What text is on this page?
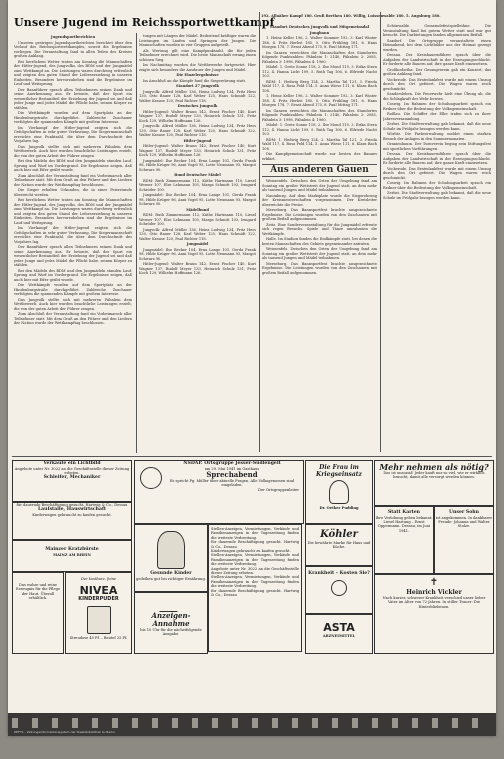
Unsere Jugend im Reichssportwettkampf
192. Allnäher Kampf 180. Gruß Berthen 180. Willig, Luissenwalde 180. 5. Augsburg 180.

Jugendsportberichten

Unseren gestrigen Jugendsportberichten berichtet über den Verlauf des Reichssportwettkampfes, soweit die Ergebnisse vorliegen. Die Veranstaltung fand in allen Teilen des Kreises großen Anklang.

Bei herrlichem Wetter traten am Sonntag die Mannschaften der Hitler-Jugend, des Jungvolks, des BDM und der Jungmädel zum Wettkampf an. Die Leistungen waren durchweg erfreulich und zeigten den guten Stand der Leibeserziehung in unseren Einheiten. Besonders hervorzuheben sind die Ergebnisse im Lauf und Weitsprung.

Der Bannführer sprach allen Teilnehmern seinen Dank und seine Anerkennung aus. Er betonte, daß der Sport ein wesentlicher Bestandteil der Erziehung der Jugend sei und daß jeder Junge und jedes Mädel die Pflicht habe, seinen Körper zu stählen.

Die Wettkämpfe wurden auf dem Sportplatz an der Hindenburgstraße durchgeführt. Zahlreiche Zuschauer verfolgten die spannenden Kämpfe mit großem Interesse.

Im Vierkampf der Hitler-Jugend zeigten sich die Gefolgschaften in sehr guter Verfassung. Die Siegermannschaft erreichte eine Punktzahl, die über dem Durchschnitt des Vorjahres lag.

Das Jungvolk stellte sich mit mehreren Fähnlein dem Wettbewerb. Auch hier wurden beachtliche Leistungen erzielt, die von der guten Arbeit der Führer zeugen.

Bei den Mädeln des BDM und den Jungmädeln standen Lauf, Sprung und Wurf im Vordergrund. Die Ergebnisse zeigen, daß auch hier mit Eifer geübt wurde.

Zum Abschluß der Veranstaltung fand ein Vorbeimarsch aller Teilnehmer statt. Mit dem Gruß an den Führer und den Liedern der Nation wurde der Wettkampftag beschlossen.

Die Sieger erhalten Urkunden, die in einer Feierstunde überreicht werden.

Bei herrlichem Wetter traten am Sonntag die Mannschaften der Hitler-Jugend, des Jungvolks, des BDM und der Jungmädel zum Wettkampf an. Die Leistungen waren durchweg erfreulich und zeigten den guten Stand der Leibeserziehung in unseren Einheiten. Besonders hervorzuheben sind die Ergebnisse im Lauf und Weitsprung.

Im Vierkampf der Hitler-Jugend zeigten sich die Gefolgschaften in sehr guter Verfassung. Die Siegermannschaft erreichte eine Punktzahl, die über dem Durchschnitt des Vorjahres lag.

Der Bannführer sprach allen Teilnehmern seinen Dank und seine Anerkennung aus. Er betonte, daß der Sport ein wesentlicher Bestandteil der Erziehung der Jugend sei und daß jeder Junge und jedes Mädel die Pflicht habe, seinen Körper zu stählen.

Bei den Mädeln des BDM und den Jungmädeln standen Lauf, Sprung und Wurf im Vordergrund. Die Ergebnisse zeigen, daß auch hier mit Eifer geübt wurde.

Die Wettkämpfe wurden auf dem Sportplatz an der Hindenburgstraße durchgeführt. Zahlreiche Zuschauer verfolgten die spannenden Kämpfe mit großem Interesse.

Das Jungvolk stellte sich mit mehreren Fähnlein dem Wettbewerb. Auch hier wurden beachtliche Leistungen erzielt, die von der guten Arbeit der Führer zeugen.

Zum Abschluß der Veranstaltung fand ein Vorbeimarsch aller Teilnehmer statt. Mit dem Gruß an den Führer und den Liedern der Nation wurde der Wettkampftag beschlossen.

tungen mit Längen der Mädel. Bedeutend kräftiger waren die Leistungen im Laufen und Springen der Jungen. Die Mannschaften wurden in vier Gruppen aufgeteilt.

Als Wertung gilt eine Kampfpunktzahl, die für jeden Teilnehmer errechnet wird. Die beste Mannschaft errang einen schönen Sieg.

Im Nachmittag wurden die Wettbewerbe fortgesetzt. Hier zeigte sich besonders die Ausdauer der Jungen und Mädel.

Die Einzelergebnisse

Im Anschluß an die Kämpfe fand die Siegerehrung statt.

Standort 27 Jungvolk

Jungvolk: Alfred Müller 136, Heinz Ludwig 134, Fritz Hess 130, Otto Bauer 128, Karl Weber 125, Hans Schmidt 122, Walter Krause 120, Paul Richter 118.

Deutsches Jungvolk

Hitler-Jugend: Walter Braun 142, Ernst Fischer 140, Kurt Wagner 137, Rudolf Meyer 133, Heinrich Schulz 131, Fritz Koch 129, Wilhelm Hoffmann 126.

Jungvolk: Alfred Müller 136, Heinz Ludwig 134, Fritz Hess 130, Otto Bauer 128, Karl Weber 125, Hans Schmidt 122, Walter Krause 120, Paul Richter 118.

Hitler-Jugend

Hitler-Jugend: Walter Braun 142, Ernst Fischer 140, Kurt Wagner 137, Rudolf Meyer 133, Heinrich Schulz 131, Fritz Koch 129, Wilhelm Hoffmann 126.

Jungmädel: Ilse Becker 104, Erna Lange 101, Gerda Frank 98, Hilde Krüger 96, Anni Vogel 95, Lotte Neumann 93, Margot Schwarz 90.

Bund Deutscher Mädel

BDM: Ruth Zimmermann 112, Käthe Hartmann 110, Liesel Werner 107, Else Lehmann 105, Marga Schmitt 103, Irmgard Schröder 100.

Jungmädel: Ilse Becker 104, Erna Lange 101, Gerda Frank 98, Hilde Krüger 96, Anni Vogel 95, Lotte Neumann 93, Margot Schwarz 90.

Mädelbund

BDM: Ruth Zimmermann 112, Käthe Hartmann 110, Liesel Werner 107, Else Lehmann 105, Marga Schmitt 103, Irmgard Schröder 100.

Jungvolk: Alfred Müller 136, Heinz Ludwig 134, Fritz Hess 130, Otto Bauer 128, Karl Weber 125, Hans Schmidt 122, Walter Krause 120, Paul Richter 118.

Jungmädel

Jungmädel: Ilse Becker 104, Erna Lange 101, Gerda Frank 98, Hilde Krüger 96, Anni Vogel 95, Lotte Neumann 93, Margot Schwarz 90.

Hitler-Jugend: Walter Braun 142, Ernst Fischer 140, Kurt Wagner 137, Rudolf Meyer 133, Heinrich Schulz 131, Fritz Koch 129, Wilhelm Hoffmann 126.

Standort Deutsches Jungvolk und Mitgemeinsdal

Jungbann

1. Heinz Keller 196, 2. Walter Sommer 192, 3. Karl Winter 188, 4. Fritz Herbst 185, 5. Otto Frühling 181, 6. Hans Morgen 178, 7. Ernst Abend 175, 8. Paul Mittag 171.

Im Ganzen erreichten die Mannschaften des Standortes folgende Punktzahlen: Fähnlein 1: 2140, Fähnlein 2: 2085, Fähnlein 3: 1998, Fähnlein 4: 1960.

Mädel: 1. Grete Sonne 118, 2. Ilse Mond 115, 3. Erika Stern 112, 4. Hanna Licht 109, 5. Ruth Tag 106, 6. Elfriede Nacht 103.

BDM: 1. Hedwig Berg 124, 2. Martha Tal 121, 3. Frieda Wald 117, 4. Rosa Feld 114, 5. Anna Wiese 111, 6. Klara Bach 108.

1. Heinz Keller 196, 2. Walter Sommer 192, 3. Karl Winter 188, 4. Fritz Herbst 185, 5. Otto Frühling 181, 6. Hans Morgen 178, 7. Ernst Abend 175, 8. Paul Mittag 171.

Im Ganzen erreichten die Mannschaften des Standortes folgende Punktzahlen: Fähnlein 1: 2140, Fähnlein 2: 2085, Fähnlein 3: 1998, Fähnlein 4: 1960.

Mädel: 1. Grete Sonne 118, 2. Ilse Mond 115, 3. Erika Stern 112, 4. Hanna Licht 109, 5. Ruth Tag 106, 6. Elfriede Nacht 103.

BDM: 1. Hedwig Berg 124, 2. Martha Tal 121, 3. Frieda Wald 117, 4. Rosa Feld 114, 5. Anna Wiese 111, 6. Klara Bach 108.

Die Kampfgemeinschaft wurde zur besten des Bannes erklärt.

Aus anderen Gauen

Weissenfels. Zwischen den Orten der Umgebung fand am Sonntag ein großer Wettstreit der Jugend statt, an dem mehr als tausend Jungen und Mädel teilnahmen.

Naumburg. Auf dem Marktplatz wurde die Siegerehrung der Kreismeisterschaften vorgenommen. Der Kreisleiter überreichte die Preise.

Merseburg. Das Bannsportfest brachte ausgezeichnete Ergebnisse. Die Leistungen wurden von den Zuschauern mit großem Beifall aufgenommen.

Zeitz. Eine Sonderveranstaltung für die Jungmädel erfreute sich regen Besuchs. Spiele und Tänze umrahmten die Wettkämpfe.

Halle. Im Stadion fanden die Endkämpfe statt, bei denen die besten Mannschaften des Gebiets gegeneinander antraten.

Weissenfels. Zwischen den Orten der Umgebung fand am Sonntag ein großer Wettstreit der Jugend statt, an dem mehr als tausend Jungen und Mädel teilnahmen.

Merseburg. Das Bannsportfest brachte ausgezeichnete Ergebnisse. Die Leistungen wurden von den Zuschauern mit großem Beifall aufgenommen.

Schönwalde. Gemeindefestspielbühne. Die Veranstaltung fand bei gutem Wetter statt und war gut besucht. Die Darbietungen fanden allgemeinen Beifall.

Saxdorf. Die Ortsgruppe veranstaltete einen Heimabend, bei dem Lichtbilder aus der Heimat gezeigt wurden.

Dessau. Der Kreisbauernführer sprach über die Aufgaben der Landwirtschaft in der Erzeugungsschlacht. Er forderte alle Bauern auf, ihre ganze Kraft einzusetzen.

Großkorbetha. Der Gesangverein gab ein Konzert, das großen Anklang fand.

Vockerode. Das Erntedankfest wurde mit einem Umzug durch den Ort gefeiert. Die Wagen waren reich geschmückt.

Sandersleben. Die Feuerwehr hielt eine Übung ab, die die Schlagkraft der Wehr bewies.

Coswig. Im Rahmen der Schulungsarbeit sprach ein Redner über die Bedeutung der Volksgemeinschaft.

Roßlau. Die Schiffer der Elbe trafen sich zu ihrer Jahresversammlung.

Zerbst. Die Stadtverwaltung gab bekannt, daß die neue Schule im Frühjahr bezogen werden kann.

Wörlitz. Die Parkverwaltung meldet einen starken Besuch der Anlagen in den Sommermonaten.

Oranienbaum. Der Turnverein beging sein Stiftungsfest mit sportlichen Vorführungen.

Dessau. Der Kreisbauernführer sprach über die Aufgaben der Landwirtschaft in der Erzeugungsschlacht. Er forderte alle Bauern auf, ihre ganze Kraft einzusetzen.

Vockerode. Das Erntedankfest wurde mit einem Umzug durch den Ort gefeiert. Die Wagen waren reich geschmückt.

Coswig. Im Rahmen der Schulungsarbeit sprach ein Redner über die Bedeutung der Volksgemeinschaft.

Zerbst. Die Stadtverwaltung gab bekannt, daß die neue Schule im Frühjahr bezogen werden kann.

Verkaufe ein Lichtbild
Angebote unter Nr. 3022 an die Geschäftsstelle dieser Zeitung erbeten.
Schleifer, Mechaniker
für dauernde Beschäftigung gesucht. Hartwig & Co., Dessau
Laufstalle, Hauswirtschaft
Kinderwagen gebraucht zu kaufen gesucht.
Mainzer Kratzbürste
MAINZ AM RHEIN
Das wahre und reine Erzeugnis für die Pflege der Haut. Überall erhältlich.
Der kostbare, feine
NIVEA
KINDERPUDER
Streudose 45 Pf. – Beutel 25 Pf.
NSDAP. Ortsgruppe Jesser-Südlengelt
am 29. Mai 1941 im Gasthaus
Sprechabend
Es spricht Pg. Müller über aktuelle Fragen. Alle Volksgenossen sind eingeladen.
Der Ortsgruppenleiter
Gesunde Kinder
gedeihen gut bei richtiger Ernährung.
Anzeigen-Annahme
bis 10 Uhr für die nächstfolgende Ausgabe.
Stellen-Anzeigen, Vermietungen, Verkäufe und Familienanzeigen in der Tageszeitung finden die weiteste Verbreitung.
für dauernde Beschäftigung gesucht. Hartwig & Co., Dessau
Kinderwagen gebraucht zu kaufen gesucht.
Stellen-Anzeigen, Vermietungen, Verkäufe und Familienanzeigen in der Tageszeitung finden die weiteste Verbreitung.
Angebote unter Nr. 3022 an die Geschäftsstelle dieser Zeitung erbeten.
Stellen-Anzeigen, Vermietungen, Verkäufe und Familienanzeigen in der Tageszeitung finden die weiteste Verbreitung.
für dauernde Beschäftigung gesucht. Hartwig & Co., Dessau
Die Frau im Kriegseinsatz
Dr. Oetker Pudding
Köhler
Die bewährte Marke für Haus und Küche.
Krankheit – Kosten Sie?
ASTA
ARZNEIMITTEL
Mehr nehmen als nötig?
Das ist unsozial! Jeder kauft nur so viel, wie er wirklich braucht, damit alle versorgt werden können.
Statt Karten
Ihre Verlobung geben bekannt: Liesel Hartung – Ernst Oppermann. Dessau, im Juni 1941.
Unser Sohn
ist angekommen. In dankbarer Freude: Johanna und Walter Stolze.
✝
Heinrich Vickler
Nach kurzer, schwerer Krankheit verschied unser lieber Vater im Alter von 72 Jahren. In stiller Trauer: Die Hinterbliebenen.
ZEFYS – Zeitungsinformationssystem der Staatsbibliothek zu Berlin
